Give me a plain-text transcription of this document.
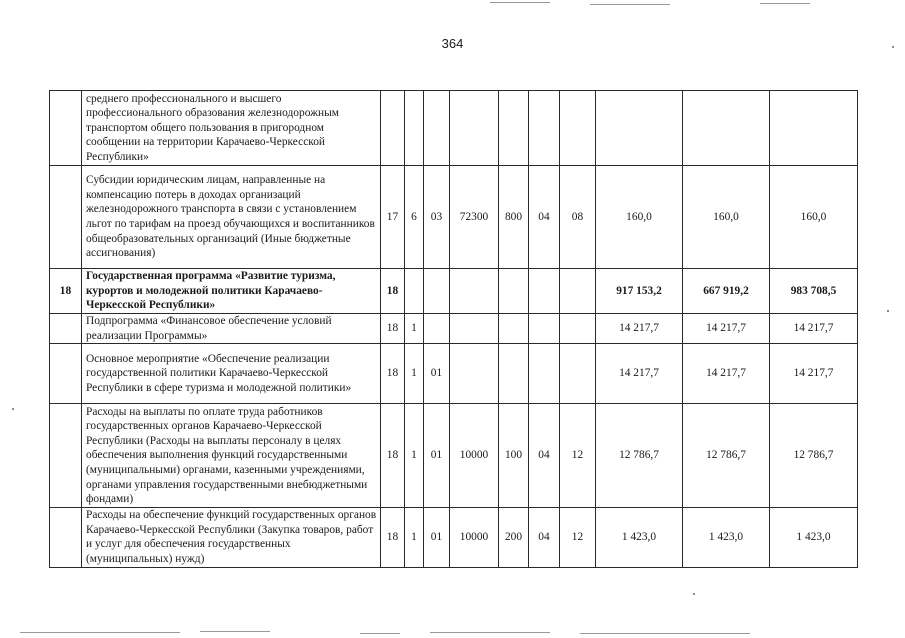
364
	среднего профессионального и высшего профессионального образования железнодорожным транспортом общего пользования в пригородном сообщении на территории Карачаево-Черкесской Республики»										
	Субсидии юридическим лицам, направленные на компенсацию потерь в доходах организаций железнодорожного транспорта в связи с установлением льгот по тарифам на проезд обучающихся и воспитанников общеобразовательных организаций (Иные бюджетные ассигнования)	17	6	03	72300	800	04	08	160,0	160,0	160,0
18	Государственная программа «Развитие туризма, курортов и молодежной политики Карачаево-Черкесской Республики»	18							917 153,2	667 919,2	983 708,5
	Подпрограмма «Финансовое обеспечение условий реализации Программы»	18	1						14 217,7	14 217,7	14 217,7
	Основное мероприятие «Обеспечение реализации государственной политики Карачаево-Черкесской Республики в сфере туризма и молодежной политики»	18	1	01					14 217,7	14 217,7	14 217,7
	Расходы на выплаты по оплате труда работников государственных органов Карачаево-Черкесской Республики (Расходы на выплаты персоналу в целях обеспечения выполнения функций государственными (муниципальными) органами, казенными учреждениями, органами управления государственными внебюджетными фондами)	18	1	01	10000	100	04	12	12 786,7	12 786,7	12 786,7
	Расходы на обеспечение функций государственных органов Карачаево-Черкесской Республики (Закупка товаров, работ и услуг для обеспечения государственных (муниципальных) нужд)	18	1	01	10000	200	04	12	1 423,0	1 423,0	1 423,0
